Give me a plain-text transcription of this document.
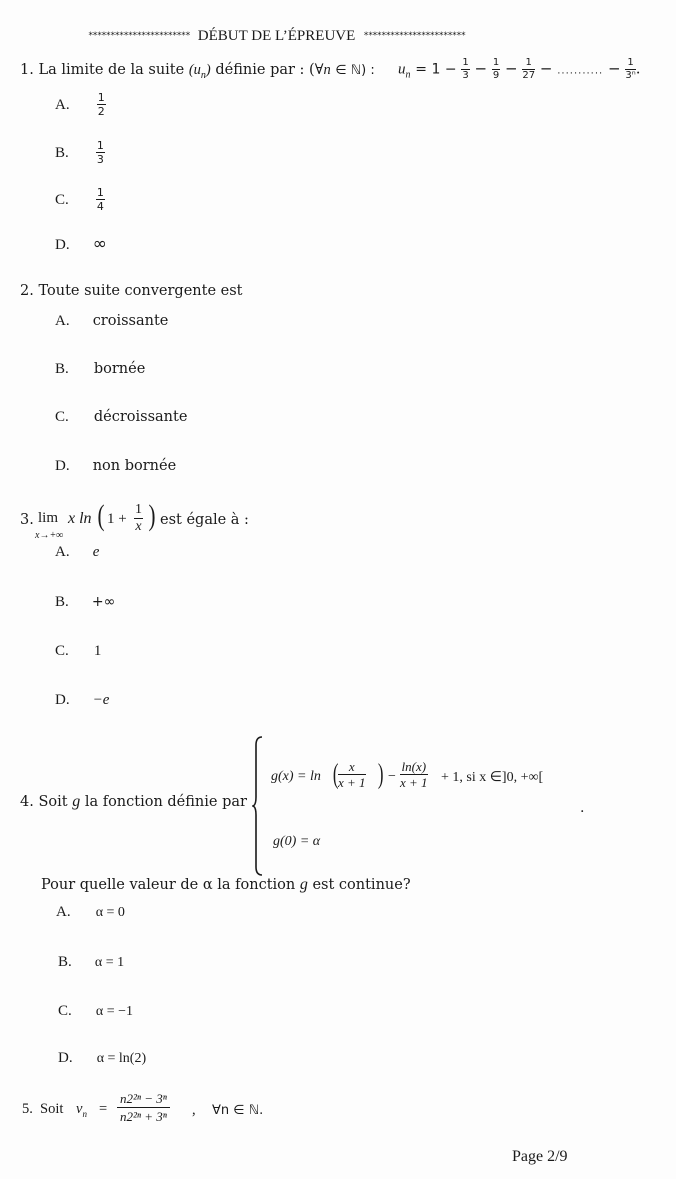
*********************** DÉBUT DE L’ÉPREUVE ***********************
1. La limite de la suite $(u_n)$ définie par : (∀n ∈ ℕ) : $u_n = 1 - \frac{1}{3} - \frac{1}{9} - \frac{1}{27}$ − ........... − $\frac{1}{\text{3ⁿ}}$ .
A. $\frac{1}{2}$
B. $\frac{1}{3}$
C. $\frac{1}{4}$
D. ∞
2. Toute suite convergente est
A. croissante
B. bornée
C. décroissante
D. non bornée
3. lim
x→+∞
x ln ( $1 + \frac{1}{x}$ ) est égale à :
A. e
B. +∞
C. 1
D. −e
4. Soit g la fonction définie par
g(x) = ln ( $\frac{x}{x + 1}$ ) − $\frac{\ln(x)}{x + 1} + 1$, si x ∈]0, +∞[
g(0) = α
.
Pour quelle valeur de α la fonction g est continue?
A. α = 0
B. α = 1
C. α = −1
D. α = ln(2)
5. Soit $v_n = \frac{\text{n2²ⁿ − 3ⁿ}}{\text{n2²ⁿ + 3ⁿ}}$ , ∀n ∈ ℕ.
Page 2/9
